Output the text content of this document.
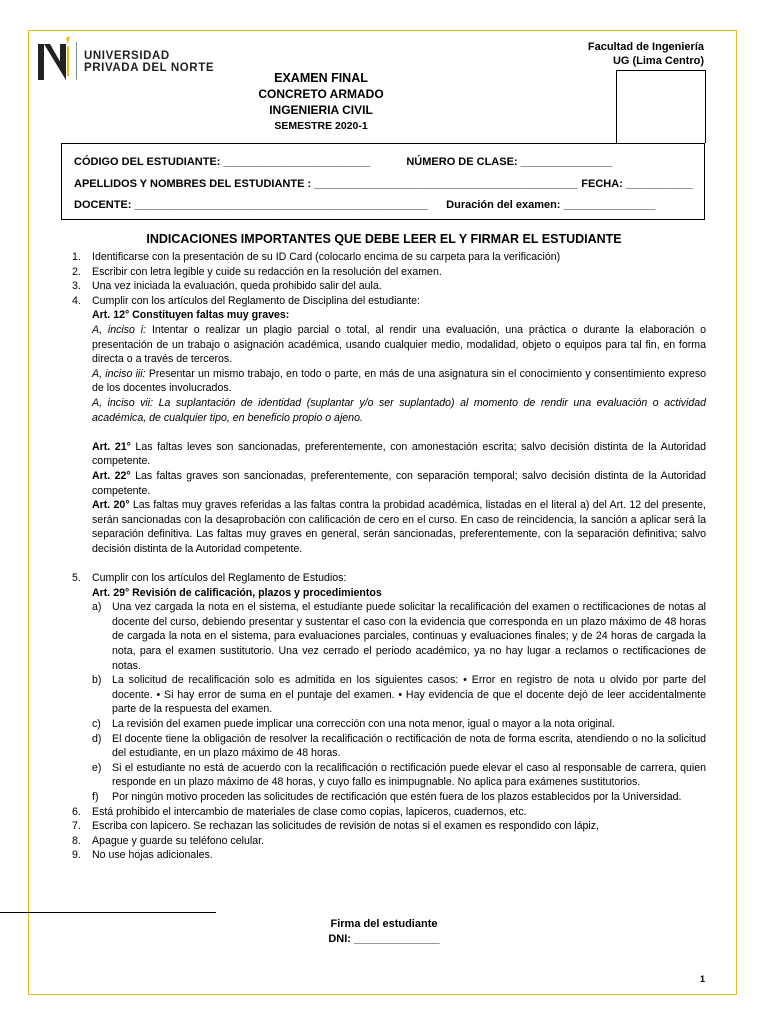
UNIVERSIDAD
PRIVADA DEL NORTE
Facultad de Ingeniería
UG (Lima Centro)
EXAMEN FINAL
CONCRETO ARMADO
INGENIERIA CIVIL
SEMESTRE 2020-1
CÓDIGO DEL ESTUDIANTE: ________________________	NÚMERO DE CLASE: _______________
APELLIDOS Y NOMBRES DEL ESTUDIANTE : ___________________________________________ FECHA: ___________
DOCENTE: ________________________________________________ Duración del examen: _______________
INDICACIONES IMPORTANTES QUE DEBE LEER EL Y FIRMAR EL ESTUDIANTE
1.	Identificarse con la presentación de su ID Card (colocarlo encima de su carpeta para la verificación)
2.	Escribir con letra legible y cuide su redacción en la resolución del examen.
3.	Una vez iniciada la evaluación, queda prohibido salir del aula.
4.	Cumplir con los artículos del Reglamento de Disciplina del estudiante:
Art. 12° Constituyen faltas muy graves:
A, inciso i: Intentar o realizar un plagio parcial o total, al rendir una evaluación, una práctica o durante la elaboración o presentación de un trabajo o asignación académica, usando cualquier medio, modalidad, objeto o equipos para tal fin, en forma directa o a través de terceros.
A, inciso iii: Presentar un mismo trabajo, en todo o parte, en más de una asignatura sin el conocimiento y consentimiento expreso de los docentes involucrados.
A, inciso vii: La suplantación de identidad (suplantar y/o ser suplantado) al momento de rendir una evaluación o actividad académica, de cualquier tipo, en beneficio propio o ajeno.
Art. 21° Las faltas leves son sancionadas, preferentemente, con amonestación escrita; salvo decisión distinta de la Autoridad competente.
Art. 22° Las faltas graves son sancionadas, preferentemente, con separación temporal; salvo decisión distinta de la Autoridad competente.
Art. 20° Las faltas muy graves referidas a las faltas contra la probidad académica, listadas en el literal a) del Art. 12 del presente, serán sancionadas con la desaprobación con calificación de cero en el curso. En caso de reincidencia, la sanción a aplicar será la separación definitiva. Las faltas muy graves en general, serán sancionadas, preferentemente, con la separación definitiva; salvo decisión distinta de la Autoridad competente.
5.	Cumplir con los artículos del Reglamento de Estudios:
Art. 29° Revisión de calificación, plazos y procedimientos
a) Una vez cargada la nota en el sistema, el estudiante puede solicitar la recalificación del examen o rectificaciones de notas al docente del curso, debiendo presentar y sustentar el caso con la evidencia que corresponda en un plazo máximo de 48 horas de cargada la nota en el sistema, para evaluaciones parciales, continuas y evaluaciones finales; y de 24 horas de cargada la nota, para el examen sustitutorio. Una vez cerrado el periodo académico, ya no hay lugar a reclamos o rectificaciones de notas.
b) La solicitud de recalificación solo es admitida en los siguientes casos: • Error en registro de nota u olvido por parte del docente. • Si hay error de suma en el puntaje del examen. • Hay evidencia de que el docente dejó de leer accidentalmente parte de la respuesta del examen.
c) La revisión del examen puede implicar una corrección con una nota menor, igual o mayor a la nota original.
d) El docente tiene la obligación de resolver la recalificación o rectificación de nota de forma escrita, atendiendo o no la solicitud del estudiante, en un plazo máximo de 48 horas.
e) Si el estudiante no está de acuerdo con la recalificación o rectificación puede elevar el caso al responsable de carrera, quien responde en un plazo máximo de 48 horas, y cuyo fallo es inimpugnable. No aplica para exámenes sustitutorios.
f) Por ningún motivo proceden las solicitudes de rectificación que estén fuera de los plazos establecidos por la Universidad.
6.	Está prohibido el intercambio de materiales de clase como copias, lapiceros, cuadernos, etc.
7.	Escriba con lapicero. Se rechazan las solicitudes de revisión de notas si el examen es respondido con lápiz,
8.	Apague y guarde su teléfono celular.
9.	No use hojas adicionales.
Firma del estudiante
DNI: ______________
1
